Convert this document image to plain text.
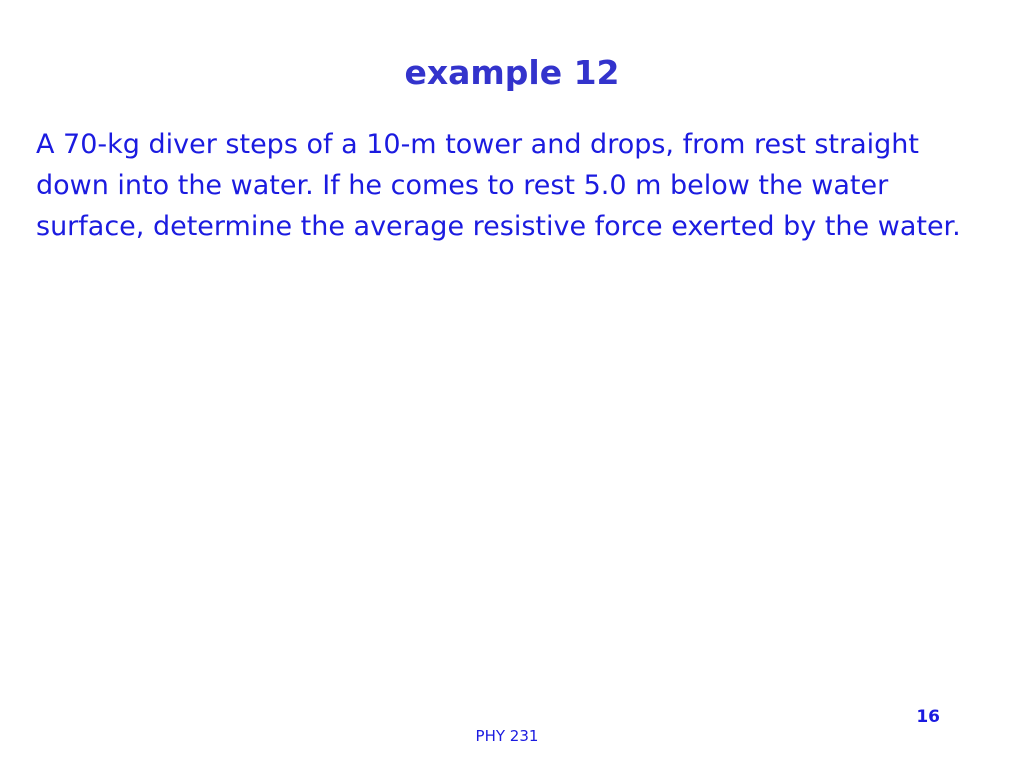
example 12

A 70-kg diver steps of a 10-m tower and drops, from rest straight down into the water. If he comes to rest 5.0 m below the water surface, determine the average resistive force exerted by the water.

16
PHY 231
